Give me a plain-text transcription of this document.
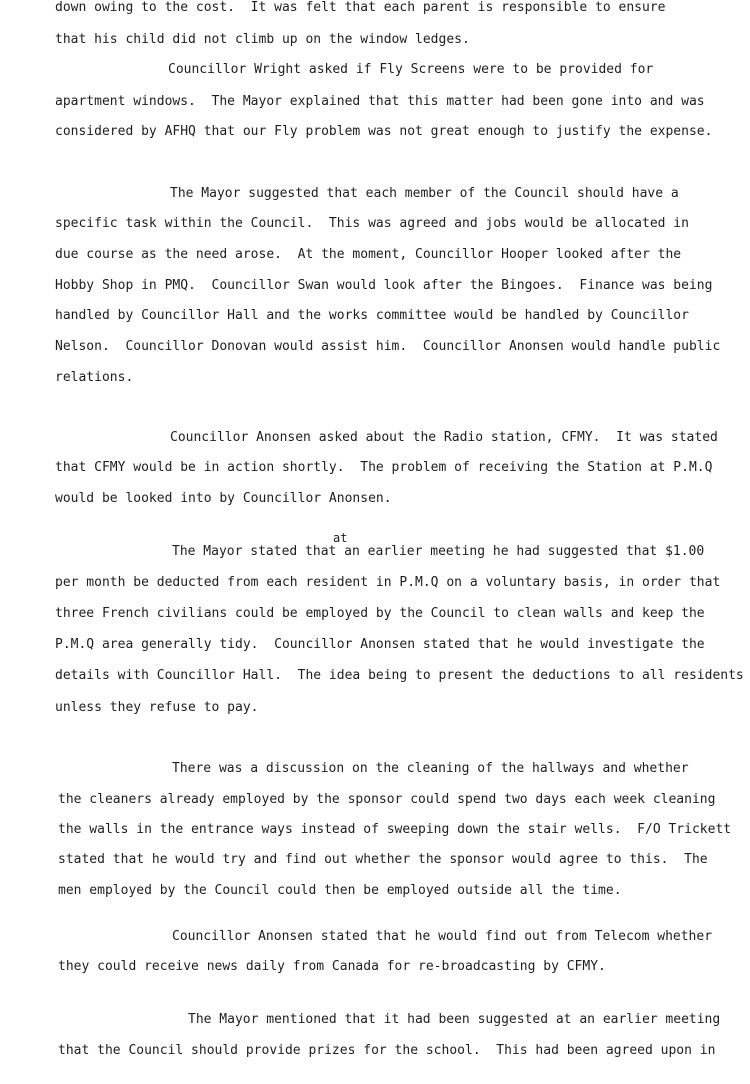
down owing to the cost.  It was felt that each parent is responsible to ensure
that his child did not climb up on the window ledges.
Councillor Wright asked if Fly Screens were to be provided for
apartment windows.  The Mayor explained that this matter had been gone into and was
considered by AFHQ that our Fly problem was not great enough to justify the expense.
The Mayor suggested that each member of the Council should have a
specific task within the Council.  This was agreed and jobs would be allocated in
due course as the need arose.  At the moment, Councillor Hooper looked after the
Hobby Shop in PMQ.  Councillor Swan would look after the Bingoes.  Finance was being
handled by Councillor Hall and the works committee would be handled by Councillor
Nelson.  Councillor Donovan would assist him.  Councillor Anonsen would handle public
relations.
Councillor Anonsen asked about the Radio station, CFMY.  It was stated
that CFMY would be in action shortly.  The problem of receiving the Station at P.M.Q
would be looked into by Councillor Anonsen.
at
The Mayor stated that an earlier meeting he had suggested that $1.00
per month be deducted from each resident in P.M.Q on a voluntary basis, in order that
three French civilians could be employed by the Council to clean walls and keep the
P.M.Q area generally tidy.  Councillor Anonsen stated that he would investigate the
details with Councillor Hall.  The idea being to present the deductions to all residents
unless they refuse to pay.
There was a discussion on the cleaning of the hallways and whether
the cleaners already employed by the sponsor could spend two days each week cleaning
the walls in the entrance ways instead of sweeping down the stair wells.  F/O Trickett
stated that he would try and find out whether the sponsor would agree to this.  The
men employed by the Council could then be employed outside all the time.
Councillor Anonsen stated that he would find out from Telecom whether
they could receive news daily from Canada for re-broadcasting by CFMY.
The Mayor mentioned that it had been suggested at an earlier meeting
that the Council should provide prizes for the school.  This had been agreed upon in
